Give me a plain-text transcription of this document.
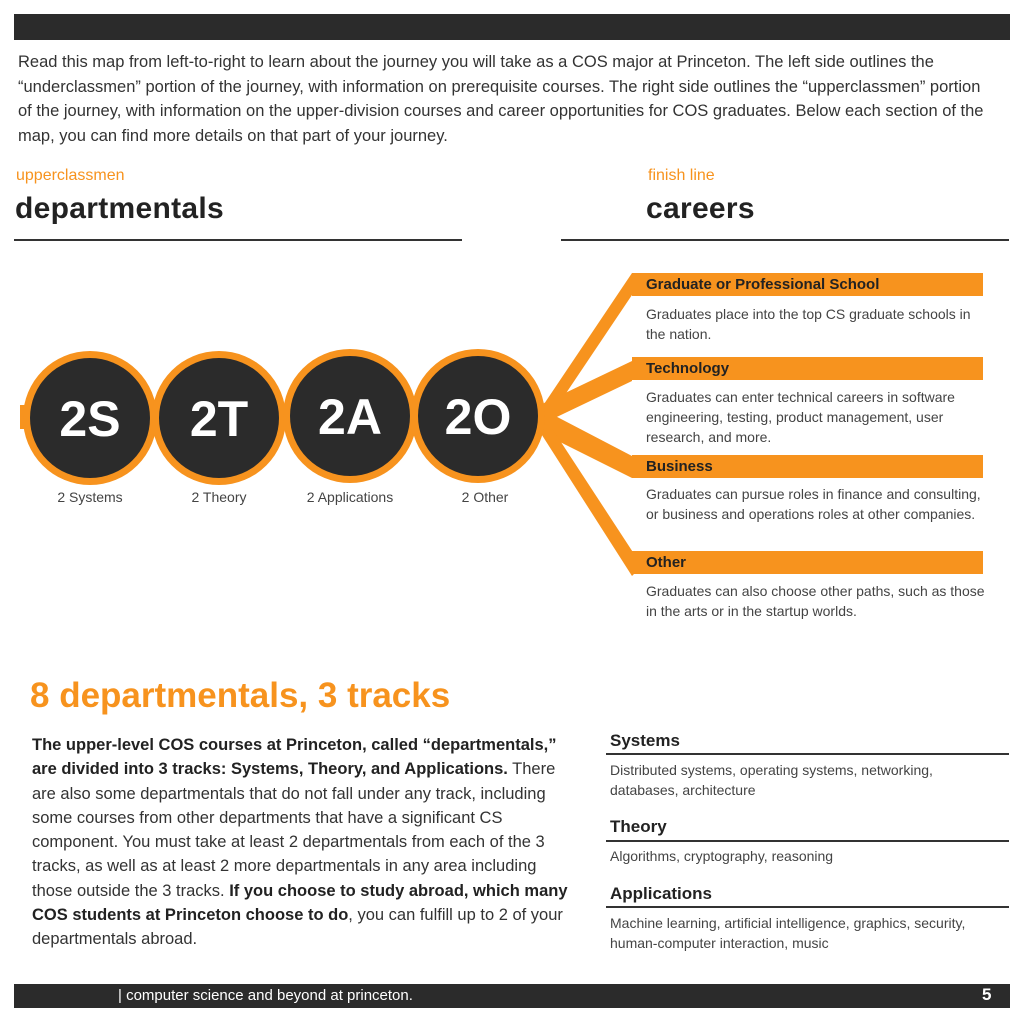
Read this map from left-to-right to learn about the journey you will take as a COS major at Princeton. The left side outlines the “underclassmen” portion of the journey, with information on prerequisite courses. The right side outlines the “upperclassmen” portion of the journey, with information on the upper-division courses and career opportunities for COS graduates. Below each section of the map, you can find more details on that part of your journey.
upperclassmen
departmentals
finish line
careers
2S 2T 2A 2O
2 Systems	2 Theory	2 Applications	2 Other
Graduate or Professional School
Graduates place into the top CS graduate schools in the nation.
Technology
Graduates can enter technical careers in software engineering, testing, product management, user research, and more.
Business
Graduates can pursue roles in finance and consulting, or business and operations roles at other companies.
Other
Graduates can also choose other paths, such as those in the arts or in the startup worlds.
8 departmentals, 3 tracks
The upper-level COS courses at Princeton, called “departmentals,” are divided into 3 tracks: Systems, Theory, and Applications. There are also some departmentals that do not fall under any track, including some courses from other departments that have a significant CS component. You must take at least 2 departmentals from each of the 3 tracks, as well as at least 2 more departmentals in any area including those outside the 3 tracks. If you choose to study abroad, which many COS students at Princeton choose to do, you can fulfill up to 2 of your departmentals abroad.
Systems
Distributed systems, operating systems, networking, databases, architecture
Theory
Algorithms, cryptography, reasoning
Applications
Machine learning, artificial intelligence, graphics, security, human-computer interaction, music
| computer science and beyond at princeton.	5
